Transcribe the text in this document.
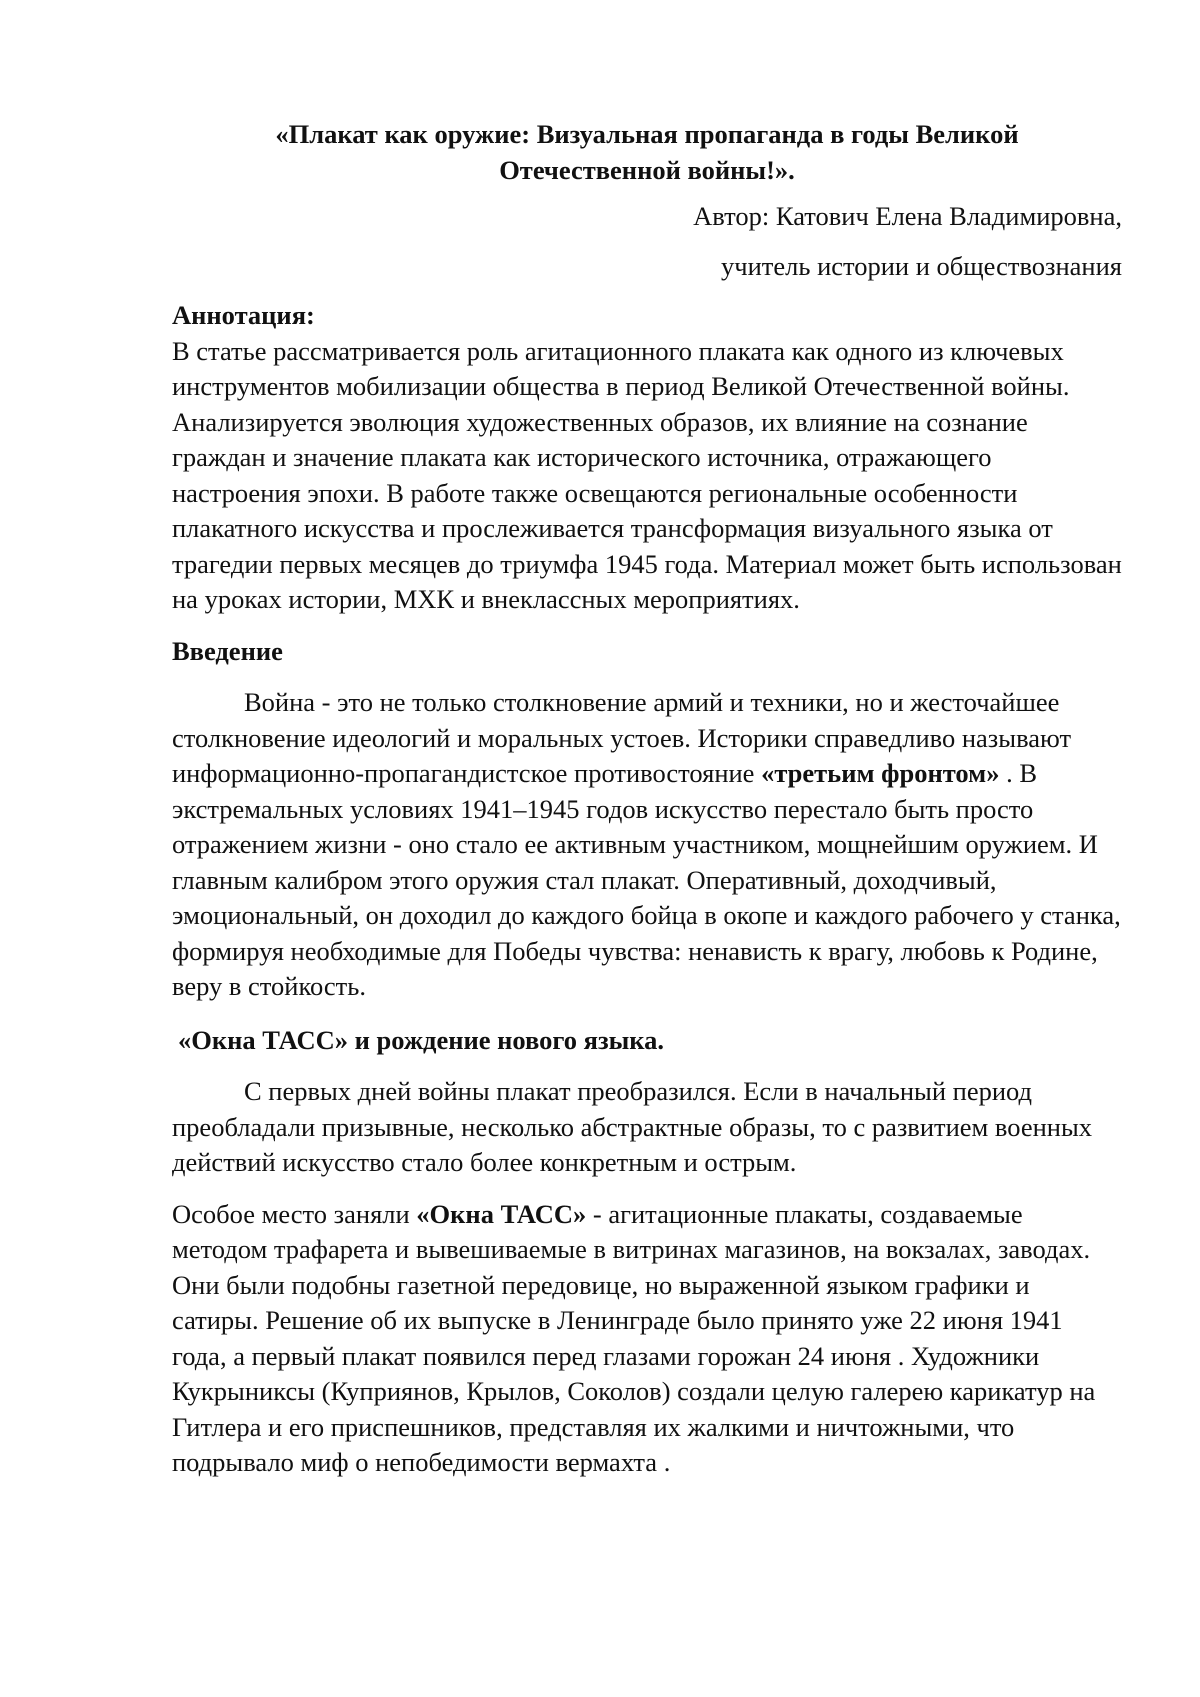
«Плакат как оружие: Визуальная пропаганда в годы Великой
Отечественной войны!».

Автор: Катович Елена Владимировна,

учитель истории и обществознания

Аннотация:

В статье рассматривается роль агитационного плаката как одного из ключевых инструментов мобилизации общества в период Великой Отечественной войны. Анализируется эволюция художественных образов, их влияние на сознание граждан и значение плаката как исторического источника, отражающего настроения эпохи. В работе также освещаются региональные особенности плакатного искусства и прослеживается трансформация визуального языка от трагедии первых месяцев до триумфа 1945 года. Материал может быть использован на уроках истории, МХК и внеклассных мероприятиях.

Введение

Война - это не только столкновение армий и техники, но и жесточайшее столкновение идеологий и моральных устоев. Историки справедливо называют информационно-пропагандистское противостояние «третьим фронтом» . В экстремальных условиях 1941–1945 годов искусство перестало быть просто отражением жизни - оно стало ее активным участником, мощнейшим оружием. И главным калибром этого оружия стал плакат. Оперативный, доходчивый, эмоциональный, он доходил до каждого бойца в окопе и каждого рабочего у станка, формируя необходимые для Победы чувства: ненависть к врагу, любовь к Родине, веру в стойкость.

«Окна ТАСС» и рождение нового языка.

С первых дней войны плакат преобразился. Если в начальный период преобладали призывные, несколько абстрактные образы, то с развитием военных действий искусство стало более конкретным и острым.

Особое место заняли «Окна ТАСС» - агитационные плакаты, создаваемые методом трафарета и вывешиваемые в витринах магазинов, на вокзалах, заводах. Они были подобны газетной передовице, но выраженной языком графики и сатиры. Решение об их выпуске в Ленинграде было принято уже 22 июня 1941 года, а первый плакат появился перед глазами горожан 24 июня . Художники Кукрыниксы (Куприянов, Крылов, Соколов) создали целую галерею карикатур на Гитлера и его приспешников, представляя их жалкими и ничтожными, что подрывало миф о непобедимости вермахта .
